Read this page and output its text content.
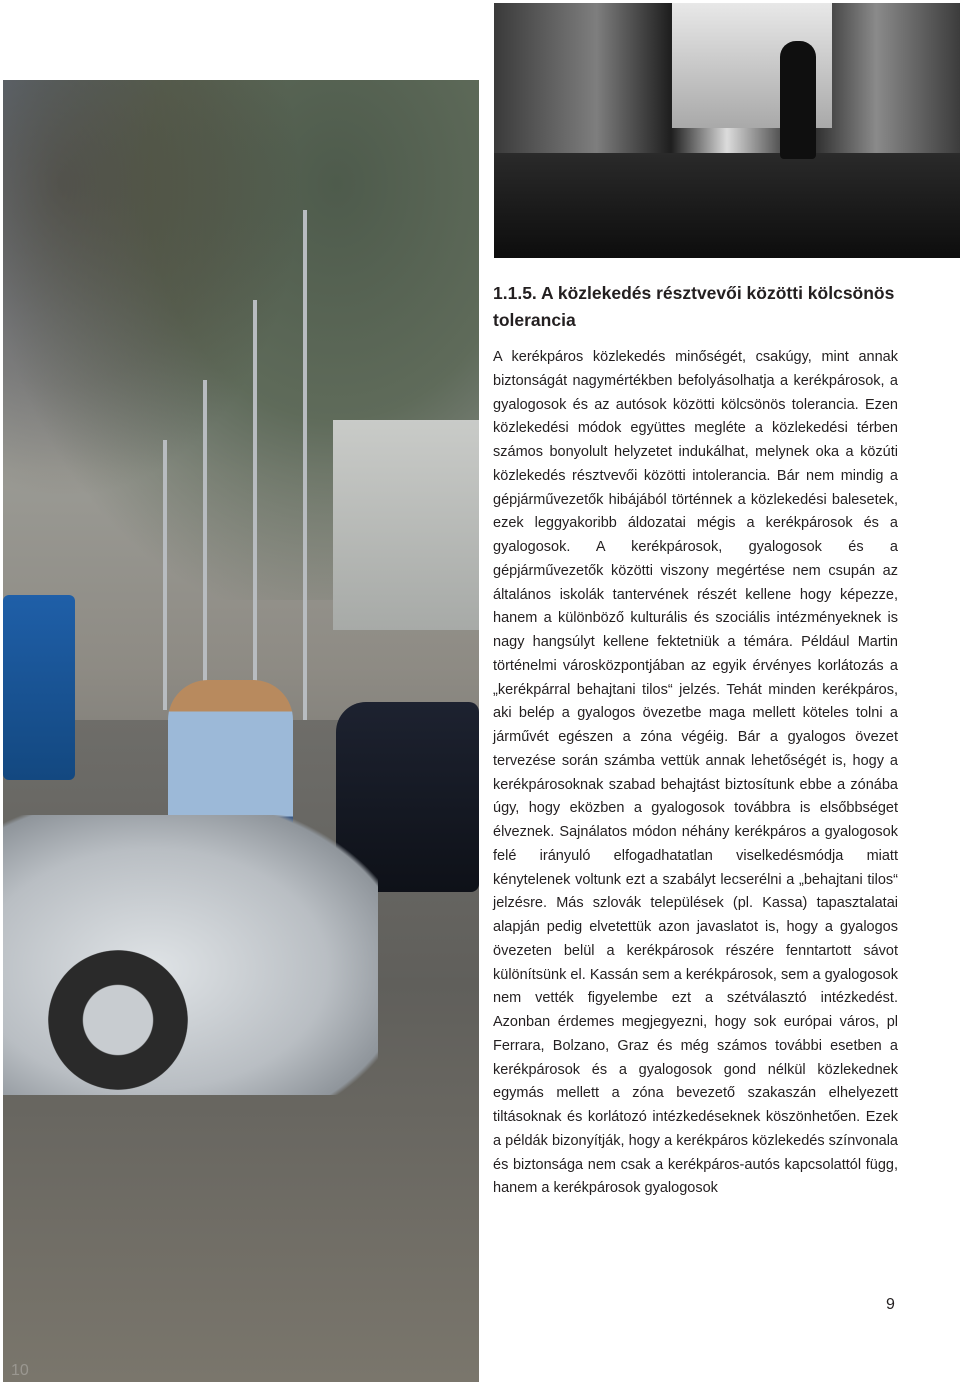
10
1.1.5. A közlekedés résztvevői közötti kölcsönös tolerancia

A kerékpáros közlekedés minőségét, csakúgy, mint annak biztonságát nagymértékben befolyásolhatja a kerékpárosok, a gyalogosok és az autósok közötti kölcsönös tolerancia. Ezen közlekedési módok együttes megléte a közlekedési térben számos bonyolult helyzetet indukálhat, melynek oka a közúti közlekedés résztvevői közötti intolerancia. Bár nem mindig a gépjárművezetők hibájából történnek a közlekedési balesetek, ezek leggyakoribb áldozatai mégis a kerékpárosok és a gyalogosok. A kerékpárosok, gyalogosok és a gépjárművezetők közötti viszony megértése nem csupán az általános iskolák tantervének részét kellene hogy képezze, hanem a különböző kulturális és szociális intézményeknek is nagy hangsúlyt kellene fektetniük a témára. Például Martin történelmi városközpontjában az egyik érvényes korlátozás a „kerékpárral behajtani tilos“ jelzés. Tehát minden kerékpáros, aki belép a gyalogos övezetbe maga mellett köteles tolni a járművét egészen a zóna végéig. Bár a gyalogos övezet tervezése során számba vettük annak lehetőségét is, hogy a kerékpárosoknak szabad behajtást biztosítunk ebbe a zónába úgy, hogy eközben a gyalogosok továbbra is elsőbbséget élveznek. Sajnálatos módon néhány kerékpáros a gyalogosok felé irányuló elfogadhatatlan viselkedésmódja miatt kénytelenek voltunk ezt a szabályt lecserélni a „behajtani tilos“ jelzésre. Más szlovák települések (pl. Kassa) tapasztalatai alapján pedig elvetettük azon javaslatot is, hogy a gyalogos övezeten belül a kerékpárosok részére fenntartott sávot különítsünk el. Kassán sem a kerékpárosok, sem a gyalogosok nem vették figyelembe ezt a szétválasztó intézkedést. Azonban érdemes megjegyezni, hogy sok európai város, pl Ferrara, Bolzano, Graz és még számos további esetben a kerékpárosok és a gyalogosok gond nélkül közlekednek egymás mellett a zóna bevezető szakaszán elhelyezett tiltásoknak és korlátozó intézkedéseknek köszönhetően. Ezek a példák bizonyítják, hogy a kerékpáros közlekedés színvonala és biztonsága nem csak a kerékpáros-autós kapcsolattól függ, hanem a kerékpárosok gyalogosok

9
